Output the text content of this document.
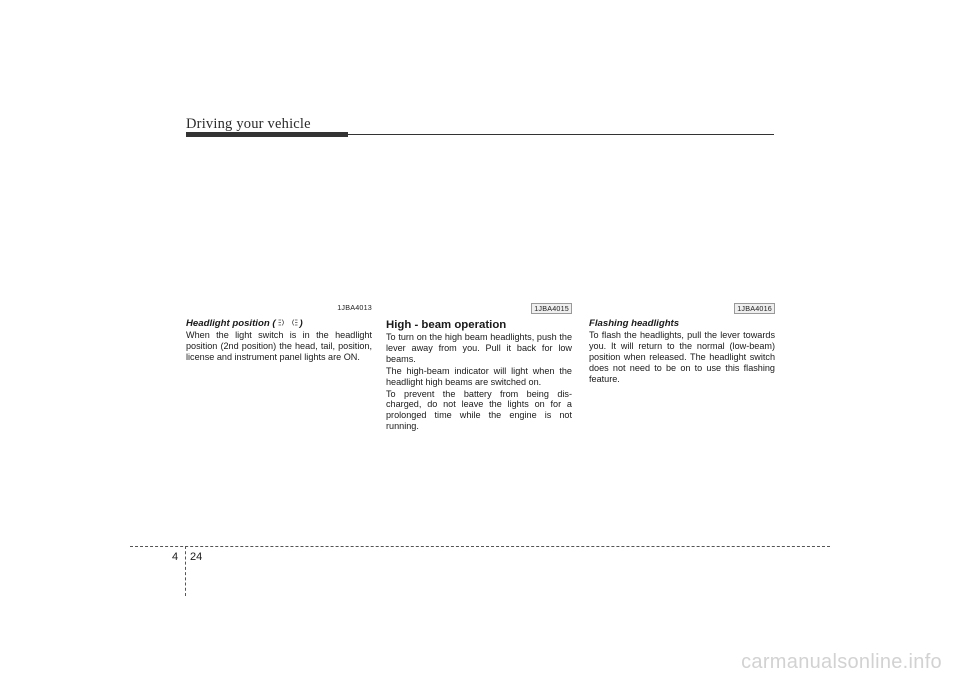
Driving your vehicle
1JBA4013
Headlight position (	)

When the light switch is in the headlight position (2nd position) the head, tail, position, license and instrument panel lights are ON.

1JBA4015
High - beam operation

To turn on the high beam headlights, push the lever away from you. Pull it back for low beams.

The high-beam indicator will light when the headlight high beams are switched on.

To prevent the battery from being dis-charged, do not leave the lights on for a prolonged time while the engine is not running.

1JBA4016
Flashing headlights

To flash the headlights, pull the lever towards you. It will return to the normal (low-beam) position when released. The headlight switch does not need to be on to use this flashing feature.

4 24
carmanualsonline.info
